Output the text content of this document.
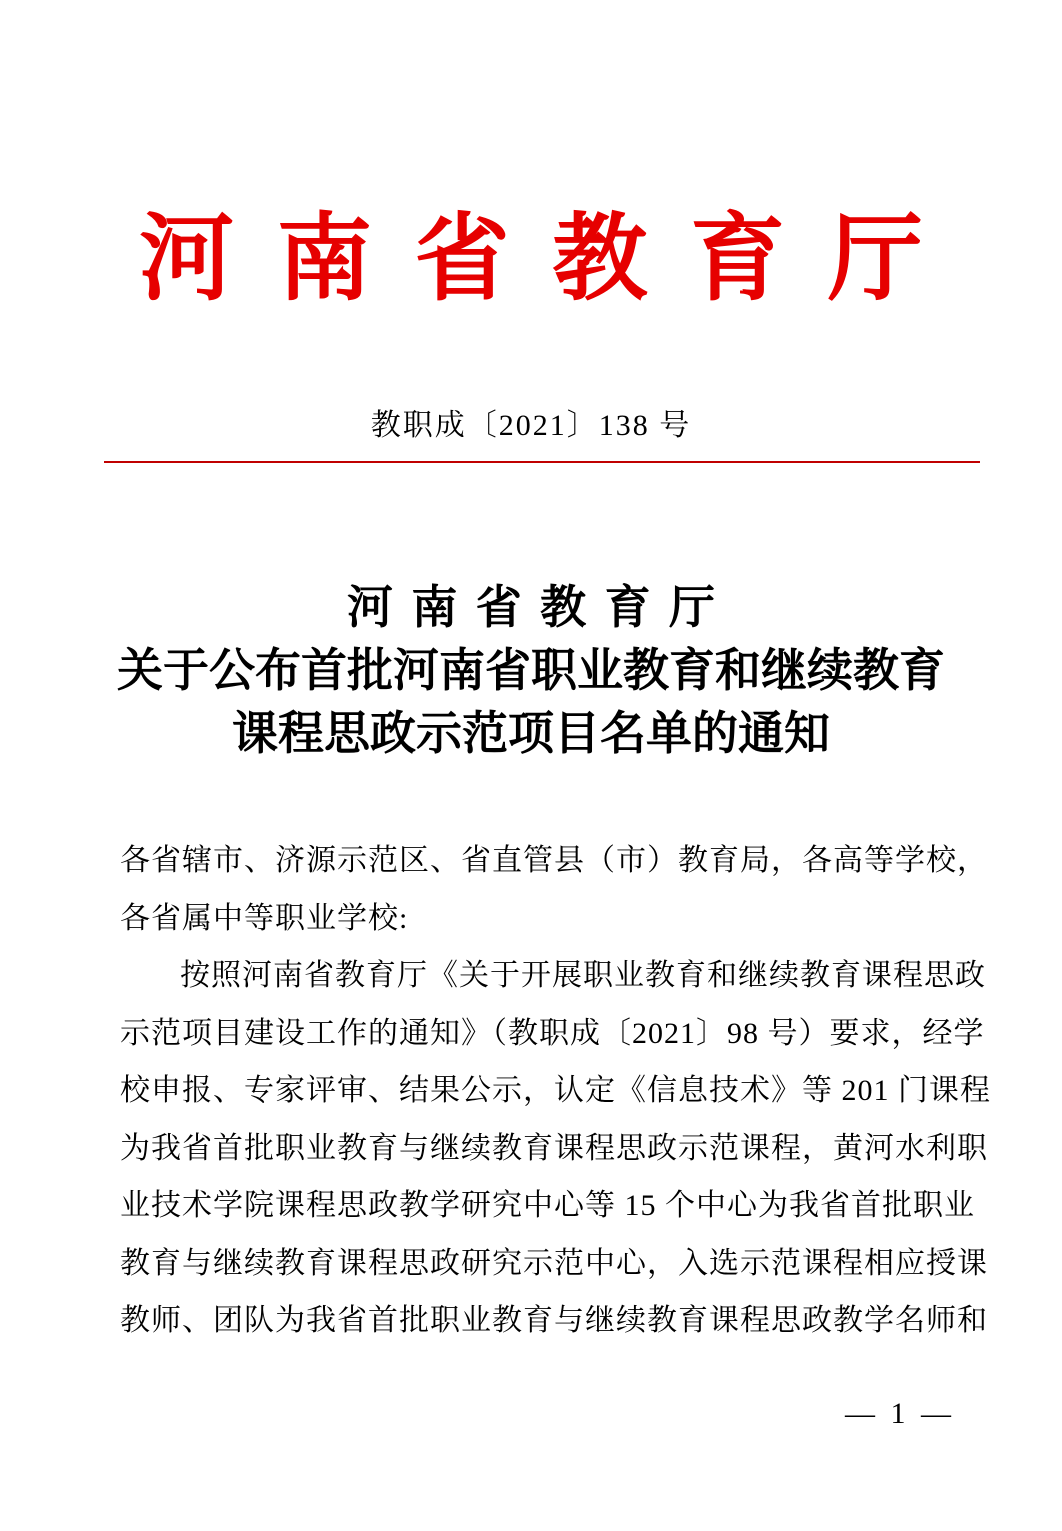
河南省教育厅
教职成〔2021〕138 号
河南省教育厅
关于公布首批河南省职业教育和继续教育
课程思政示范项目名单的通知
各省辖市、济源示范区、省直管县（市）教育局，各高等学校，
各省属中等职业学校:
按照河南省教育厅《关于开展职业教育和继续教育课程思政
示范项目建设工作的通知》（教职成〔2021〕98 号）要求，经学
校申报、专家评审、结果公示，认定《信息技术》等 201 门课程
为我省首批职业教育与继续教育课程思政示范课程，黄河水利职
业技术学院课程思政教学研究中心等 15 个中心为我省首批职业
教育与继续教育课程思政研究示范中心，入选示范课程相应授课
教师、团队为我省首批职业教育与继续教育课程思政教学名师和
— 1 —
